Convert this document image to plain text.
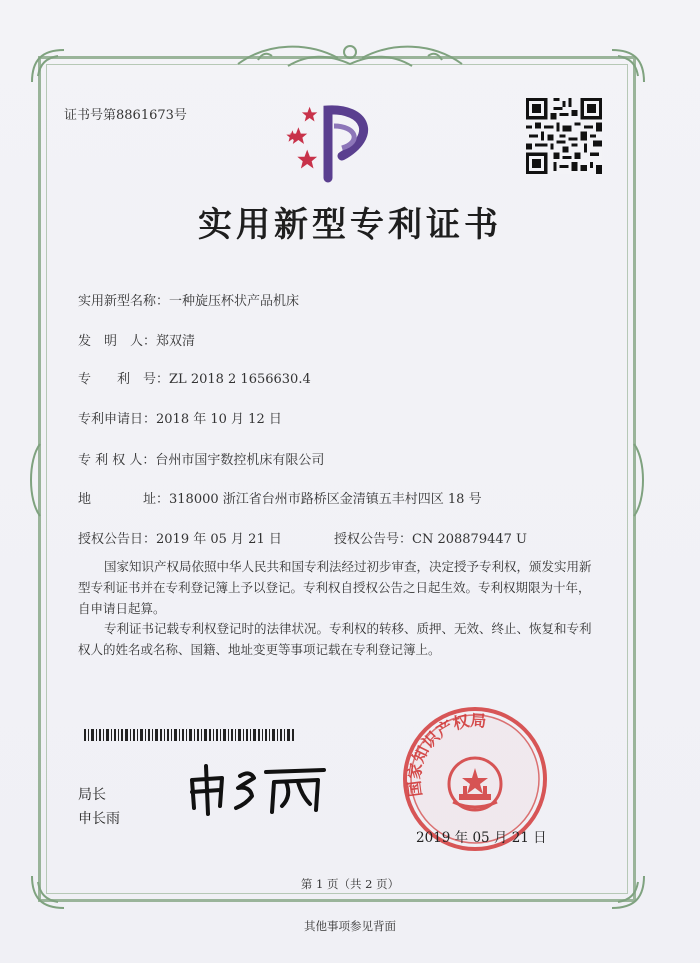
证书号第8861673号
实用新型专利证书
实用新型名称：一种旋压杯状产品机床
发　明　人：郑双清
专　　利　号：ZL 2018 2 1656630.4
专利申请日：2018 年 10 月 12 日
专 利 权 人：台州市国宇数控机床有限公司
地　　　　址：318000 浙江省台州市路桥区金清镇五丰村四区 18 号
授权公告日：2019 年 05 月 21 日	授权公告号：CN 208879447 U
国家知识产权局依照中华人民共和国专利法经过初步审查，决定授予专利权，颁发实用新型专利证书并在专利登记簿上予以登记。专利权自授权公告之日起生效。专利权期限为十年，自申请日起算。
专利证书记载专利权登记时的法律状况。专利权的转移、质押、无效、终止、恢复和专利权人的姓名或名称、国籍、地址变更等事项记载在专利登记簿上。
局长
申长雨
国家知识产权局
2019 年 05 月 21 日
第 1 页（共 2 页）
其他事项参见背面
